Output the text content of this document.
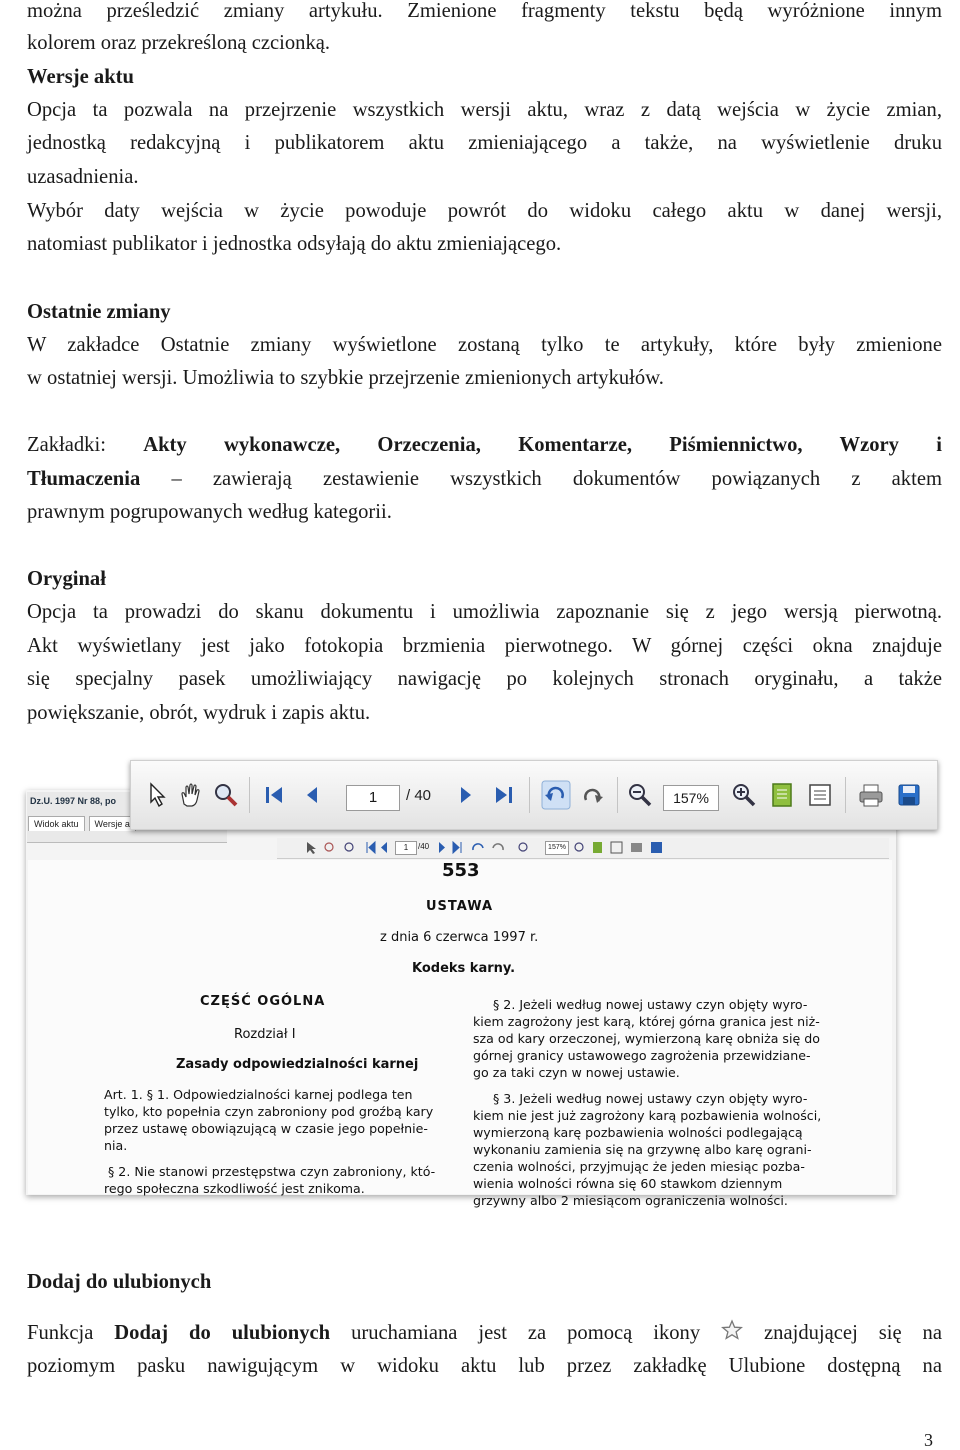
można prześledzić zmiany artykułu. Zmienione fragmenty tekstu będą wyróżnione innym
kolorem oraz przekreśloną czcionką.
Wersje aktu
Opcja ta pozwala na przejrzenie wszystkich wersji aktu, wraz z datą wejścia w życie zmian,
jednostką redakcyjną i publikatorem aktu zmieniającego a także, na wyświetlenie druku
uzasadnienia.
Wybór daty wejścia w życie powoduje powrót do widoku całego aktu w danej wersji,
natomiast publikator i jednostka odsyłają do aktu zmieniającego.
Ostatnie zmiany
W zakładce Ostatnie zmiany wyświetlone zostaną tylko te artykuły, które były zmienione
w ostatniej wersji. Umożliwia to szybkie przejrzenie zmienionych artykułów.
Zakładki: Akty wykonawcze, Orzeczenia, Komentarze, Piśmiennictwo, Wzory i
Tłumaczenia – zawierają zestawienie wszystkich dokumentów powiązanych z aktem
prawnym pogrupowanych według kategorii.
Oryginał
Opcja ta prowadzi do skanu dokumentu i umożliwia zapoznanie się z jego wersją pierwotną.
Akt wyświetlany jest jako fotokopia brzmienia pierwotnego. W górnej części okna znajduje
się specjalny pasek umożliwiający nawigację po kolejnych stronach oryginału, a także
powiększanie, obrót, wydruk i zapis aktu.
Dz.U. 1997 Nr 88, po
Widok aktu	Wersje a
1	/40	157%
553
USTAWA
z dnia 6 czerwca 1997 r.
Kodeks karny.
CZĘŚĆ OGÓLNA
Rozdział I
Zasady odpowiedzialności karnej
Art. 1. § 1. Odpowiedzialności karnej podlega ten
tylko, kto popełnia czyn zabroniony pod groźbą kary
przez ustawę obowiązującą w czasie jego popełnie-
nia.
§ 2. Nie stanowi przestępstwa czyn zabroniony, któ-
rego społeczna szkodliwość jest znikoma.
§ 2. Jeżeli według nowej ustawy czyn objęty wyro-
kiem zagrożony jest karą, której górna granica jest niż-
sza od kary orzeczonej, wymierzoną karę obniża się do
górnej granicy ustawowego zagrożenia przewidziane-
go za taki czyn w nowej ustawie.
§ 3. Jeżeli według nowej ustawy czyn objęty wyro-
kiem nie jest już zagrożony karą pozbawienia wolności,
wymierzoną karę pozbawienia wolności podlegającą
wykonaniu zamienia się na grzywnę albo karę ograni-
czenia wolności, przyjmując że jeden miesiąc pozba-
wienia wolności równa się 60 stawkom dziennym
grzywny albo 2 miesiącom ograniczenia wolności.
1	/ 40	157%
Dodaj do ulubionych
Funkcja Dodaj do ulubionych uruchamiana jest za pomocą ikony	znajdującej się na
poziomym pasku nawigującym w widoku aktu lub przez zakładkę Ulubione dostępną na
3
